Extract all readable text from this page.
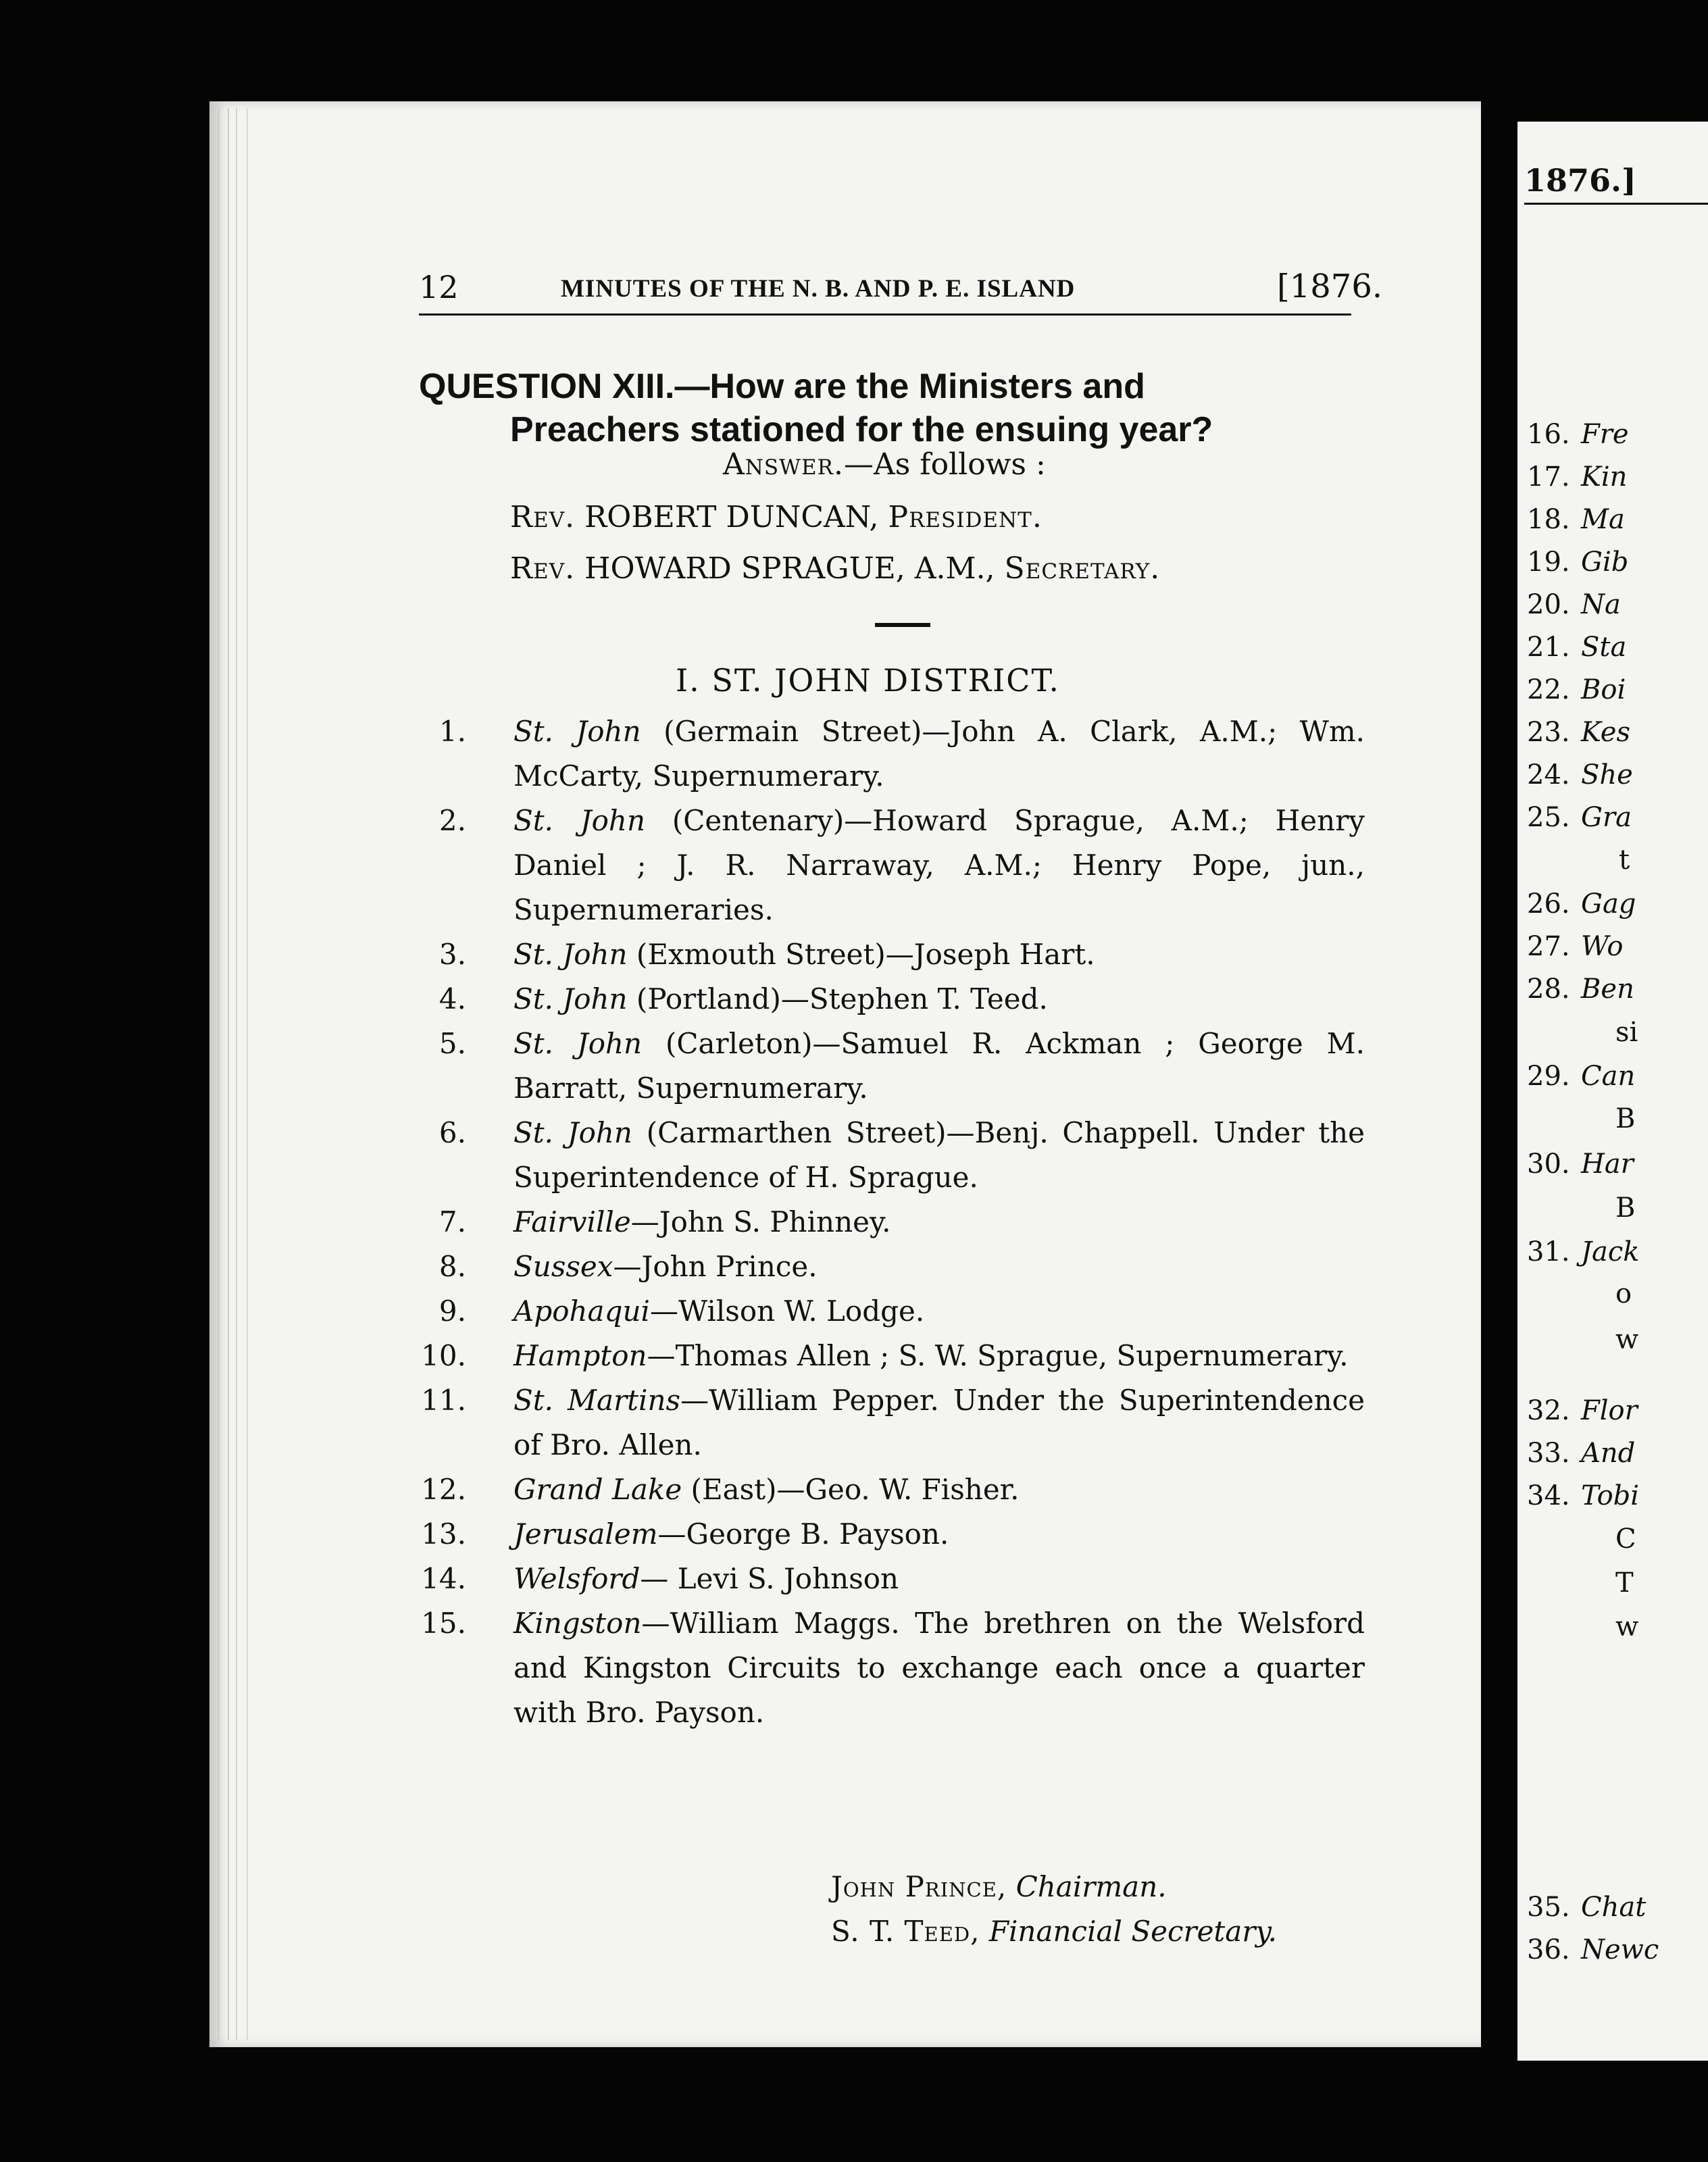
12	MINUTES OF THE N. B. AND P. E. ISLAND	[1876.
QUESTION XIII.—How are the Ministers and
Preachers stationed for the ensuing year?
Answer.—As follows :
Rev. ROBERT DUNCAN, President.
Rev. HOWARD SPRAGUE, A.M., Secretary.
I. ST. JOHN DISTRICT.
1. St. John (Germain Street)—John A. Clark, A.M.; Wm. McCarty, Supernumerary.
2. St. John (Centenary)—Howard Sprague, A.M.; Henry Daniel ; J. R. Narraway, A.M.; Henry Pope, jun., Supernumeraries.
3. St. John (Exmouth Street)—Joseph Hart.
4. St. John (Portland)—Stephen T. Teed.
5. St. John (Carleton)—Samuel R. Ackman ; George M. Barratt, Supernumerary.
6. St. John (Carmarthen Street)—Benj. Chappell. Under the Superintendence of H. Sprague.
7. Fairville—John S. Phinney.
8. Sussex—John Prince.
9. Apohaqui—Wilson W. Lodge.
10. Hampton—Thomas Allen ; S. W. Sprague, Supernumerary.
11. St. Martins—William Pepper. Under the Superintendence of Bro. Allen.
12. Grand Lake (East)—Geo. W. Fisher.
13. Jerusalem—George B. Payson.
14. Welsford— Levi S. Johnson
15. Kingston—William Maggs. The brethren on the Welsford and Kingston Circuits to exchange each once a quarter with Bro. Payson.
John Prince, Chairman.
S. T. Teed, Financial Secretary.
1876.]
16. Fre
17. Kin
18. Ma
19. Gib
20. Na
21. Sta
22. Boi
23. Kes
24. She
25. Gra
26. Gag
27. Wo
28. Ben
29. Can
30. Har
31. Jack
32. Flor
33. And
34. Tobi
35. Chat
36. Newc
t
si
B
B
o
w
C
T
w
